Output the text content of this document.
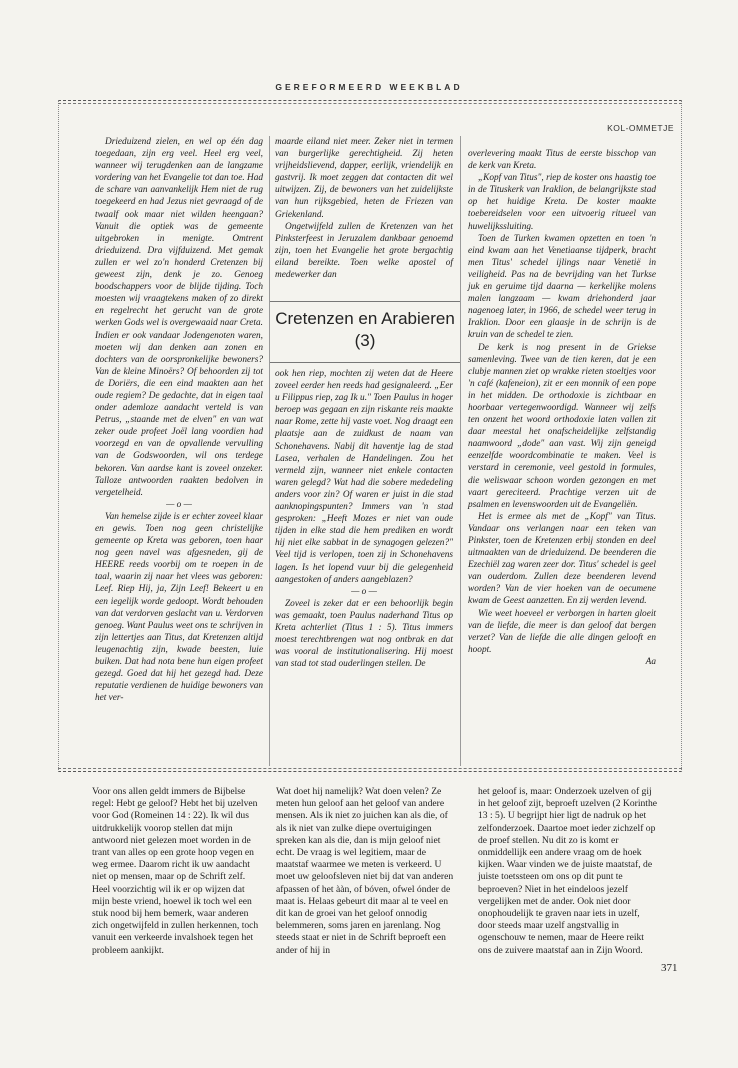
GEREFORMEERD WEEKBLAD
KOL-OMMETJE

Drieduizend zielen, en wel op één dag toegedaan, zijn erg veel. Heel erg veel, wanneer wij terugdenken aan de langzame vordering van het Evangelie tot dan toe. Had de schare van aanvankelijk Hem niet de rug toegekeerd en had Jezus niet gevraagd of de twaalf ook maar niet wilden heengaan? Vanuit die optiek was de gemeente uitgebroken in menigte. Omtrent drieduizend. Dra vijfduizend. Met gemak zullen er wel zo'n honderd Cretenzen bij geweest zijn, denk je zo. Genoeg boodschappers voor de blijde tijding. Toch moesten wij vraagtekens maken of zo direkt en regelrecht het gerucht van de grote werken Gods wel is overgewaaid naar Creta. Indien er ook vandaar Jodengenoten waren, moeten wij dan denken aan zonen en dochters van de oorspronkelijke bewoners? Van de kleine Minoërs? Of behoorden zij tot de Doriërs, die een eind maakten aan het oude regiem? De gedachte, dat in eigen taal onder ademloze aandacht verteld is van Petrus, „staande met de elven" en van wat zeker oude profeet Joël lang voordien had voorzegd en van de opvallende vervulling van de Godswoorden, wil ons terdege bekoren. Van aardse kant is zoveel onzeker. Talloze antwoorden raakten bedolven in vergetelheid.

— o —

Van hemelse zijde is er echter zoveel klaar en gewis. Toen nog geen christelijke gemeente op Kreta was geboren, toen haar nog geen navel was afgesneden, gij de HEERE reeds voorbij om te roepen in de taal, waarin zij naar het vlees was geboren: Leef. Riep Hij, ja, Zijn Leef! Bekeert u en een iegelijk worde gedoopt. Wordt behouden van dat verdorven geslacht van u. Verdorven genoeg. Want Paulus weet ons te schrijven in zijn lettertjes aan Titus, dat Kretenzen altijd leugenachtig zijn, kwade beesten, luie buiken. Dat had nota bene hun eigen profeet gezegd. Goed dat hij het gezegd had. Deze reputatie verdienen de huidige bewoners van het ver-

maarde eiland niet meer. Zeker niet in termen van burgerlijke gerechtigheid. Zij heten vrijheidslievend, dapper, eerlijk, vriendelijk en gastvrij. Ik moet zeggen dat contacten dit wel uitwijzen. Zij, de bewoners van het zuidelijkste van hun rijksgebied, heten de Friezen van Griekenland.

Ongetwijfeld zullen de Kretenzen van het Pinksterfeest in Jeruzalem dankbaar genoemd zijn, toen het Evangelie het grote bergachtig eiland bereikte. Toen welke apostel of medewerker dan

Cretenzen en Arabieren
(3)

ook hen riep, mochten zij weten dat de Heere zoveel eerder hen reeds had gesignaleerd. „Eer u Filippus riep, zag Ik u." Toen Paulus in hoger beroep was gegaan en zijn riskante reis maakte naar Rome, zette hij vaste voet. Nog draagt een plaatsje aan de zuidkust de naam van Schonehavens. Nabij dit haventje lag de stad Lasea, verhalen de Handelingen. Zou het vermeld zijn, wanneer niet enkele contacten waren gelegd? Wat had die sobere mededeling anders voor zin? Of waren er juist in die stad aanknopingspunten? Immers van 'n stad gesproken: „Heeft Mozes er niet van oude tijden in elke stad die hem prediken en wordt hij niet elke sabbat in de synagogen gelezen?" Veel tijd is verlopen, toen zij in Schonehavens lagen. Is het lopend vuur bij die gelegenheid aangestoken of anders aangeblazen?

— o —

Zoveel is zeker dat er een behoorlijk begin was gemaakt, toen Paulus naderhand Titus op Kreta achterliet (Titus 1 : 5). Titus immers moest terechtbrengen wat nog ontbrak en dat was vooral de institutionalisering. Hij moest van stad tot stad ouderlingen stellen. De

overlevering maakt Titus de eerste bisschop van de kerk van Kreta.

„Kopf van Titus", riep de koster ons haastig toe in de Tituskerk van Iraklion, de belangrijkste stad op het huidige Kreta. De koster maakte toebereidselen voor een uitvoerig ritueel van huwelijkssluiting.

Toen de Turken kwamen opzetten en toen 'n eind kwam aan het Venetiaanse tijdperk, bracht men Titus' schedel ijlings naar Venetië in veiligheid. Pas na de bevrijding van het Turkse juk en geruime tijd daarna — kerkelijke molens malen langzaam — kwam driehonderd jaar nagenoeg later, in 1966, de schedel weer terug in Iraklion. Door een glaasje in de schrijn is de kruin van de schedel te zien.

De kerk is nog present in de Griekse samenleving. Twee van de tien keren, dat je een clubje mannen ziet op wrakke rieten stoeltjes voor 'n café (kafeneion), zit er een monnik of een pope in het midden. De orthodoxie is zichtbaar en hoorbaar vertegenwoordigd. Wanneer wij zelfs ten onzent het woord orthodoxie laten vallen zit daar meestal het onafscheidelijke zelfstandig naamwoord „dode" aan vast. Wij zijn geneigd eenzelfde woordcombinatie te maken. Veel is verstard in ceremonie, veel gestold in formules, die weliswaar schoon worden gezongen en met vaart gereciteerd. Prachtige verzen uit de psalmen en levenswoorden uit de Evangeliën.

Het is ermee als met de „Kopf" van Titus. Vandaar ons verlangen naar een teken van Pinkster, toen de Kretenzen erbij stonden en deel uitmaakten van de drieduizend. De beenderen die Ezechiël zag waren zeer dor. Titus' schedel is geel van ouderdom. Zullen deze beenderen levend worden? Van de vier hoeken van de oecumene kwam de Geest aanzetten. En zij werden levend.

Wie weet hoeveel er verborgen in harten gloeit van de liefde, die meer is dan geloof dat bergen verzet? Van de liefde die alle dingen gelooft en hoopt.

Aa

Voor ons allen geldt immers de Bijbelse regel: Hebt ge geloof? Hebt het bij uzelven voor God (Romeinen 14 : 22). Ik wil dus uitdrukkelijk voorop stellen dat mijn antwoord niet gelezen moet worden in de trant van alles op een grote hoop vegen en weg ermee. Daarom richt ik uw aandacht niet op mensen, maar op de Schrift zelf. Heel voorzichtig wil ik er op wijzen dat mijn beste vriend, hoewel ik toch wel een stuk nood bij hem bemerk, waar anderen zich ongetwijfeld in zullen herkennen, toch vanuit een verkeerde invalshoek tegen het probleem aankijkt.

Wat doet hij namelijk? Wat doen velen? Ze meten hun geloof aan het geloof van andere mensen. Als ik niet zo juichen kan als die, of als ik niet van zulke diepe overtuigingen spreken kan als die, dan is mijn geloof niet echt. De vraag is wel legitiem, maar de maatstaf waarmee we meten is verkeerd. U moet uw geloofsleven niet bij dat van anderen afpassen of het ààn, of bóven, ofwel ónder de maat is. Helaas gebeurt dit maar al te veel en dit kan de groei van het geloof onnodig belemmeren, soms jaren en jarenlang. Nog steeds staat er niet in de Schrift beproeft een ander of hij in

het geloof is, maar: Onderzoek uzelven of gij in het geloof zijt, beproeft uzelven (2 Korinthe 13 : 5). U begrijpt hier ligt de nadruk op het zelfonderzoek. Daartoe moet ieder zichzelf op de proef stellen. Nu dit zo is komt er onmiddellijk een andere vraag om de hoek kijken. Waar vinden we de juiste maatstaf, de juiste toetssteen om ons op dit punt te beproeven? Niet in het eindeloos jezelf vergelijken met de ander. Ook niet door onophoudelijk te graven naar iets in uzelf, door steeds maar uzelf angstvallig in ogenschouw te nemen, maar de Heere reikt ons de zuivere maatstaf aan in Zijn Woord.

371
